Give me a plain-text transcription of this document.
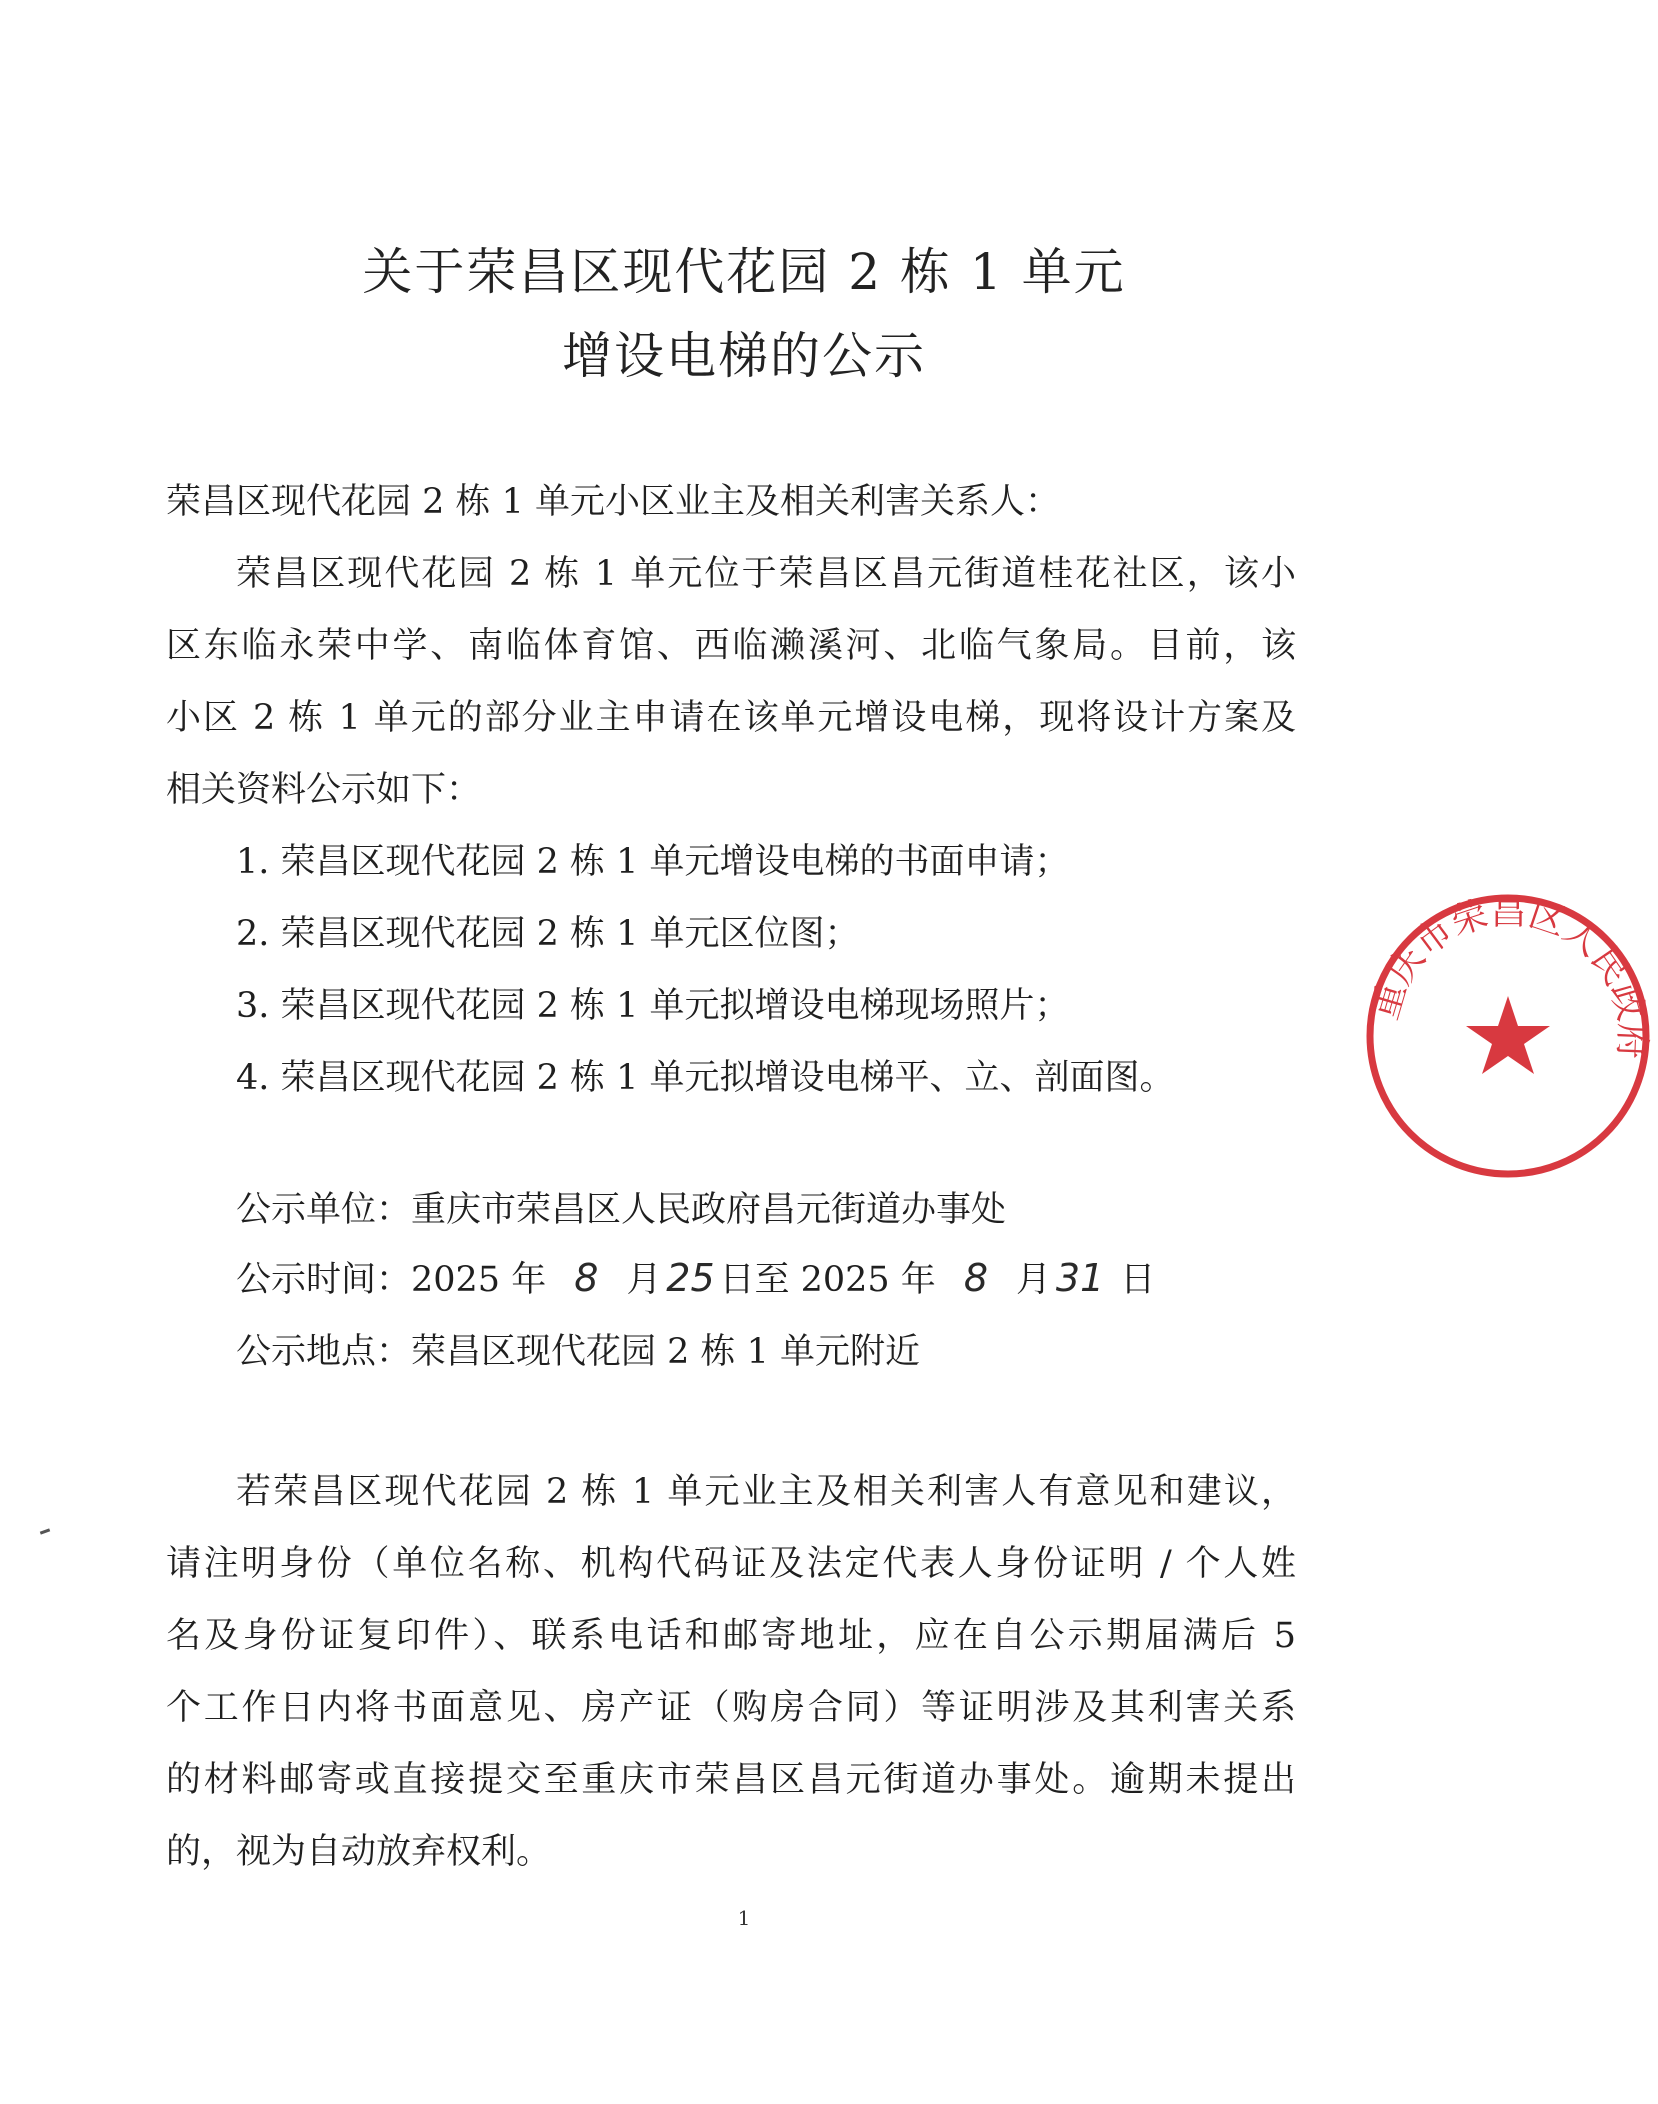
关于荣昌区现代花园 2 栋 1 单元
增设电梯的公示
荣昌区现代花园 2 栋 1 单元小区业主及相关利害关系人：
荣昌区现代花园 2 栋 1 单元位于荣昌区昌元街道桂花社区，该小
区东临永荣中学、南临体育馆、西临濑溪河、北临气象局。目前，该
小区 2 栋 1 单元的部分业主申请在该单元增设电梯，现将设计方案及
相关资料公示如下：
1. 荣昌区现代花园 2 栋 1 单元增设电梯的书面申请；
2. 荣昌区现代花园 2 栋 1 单元区位图；
3. 荣昌区现代花园 2 栋 1 单元拟增设电梯现场照片；
4. 荣昌区现代花园 2 栋 1 单元拟增设电梯平、立、剖面图。
公示单位：重庆市荣昌区人民政府昌元街道办事处
公示时间：2025 年 8 月 25 日至 2025 年 8 月 31 日
公示地点：荣昌区现代花园 2 栋 1 单元附近
若荣昌区现代花园 2 栋 1 单元业主及相关利害人有意见和建议，
请注明身份（单位名称、机构代码证及法定代表人身份证明 / 个人姓
名及身份证复印件）、联系电话和邮寄地址，应在自公示期届满后 5
个工作日内将书面意见、房产证（购房合同）等证明涉及其利害关系
的材料邮寄或直接提交至重庆市荣昌区昌元街道办事处。逾期未提出
的，视为自动放弃权利。
1
重庆市荣昌区人民政府
